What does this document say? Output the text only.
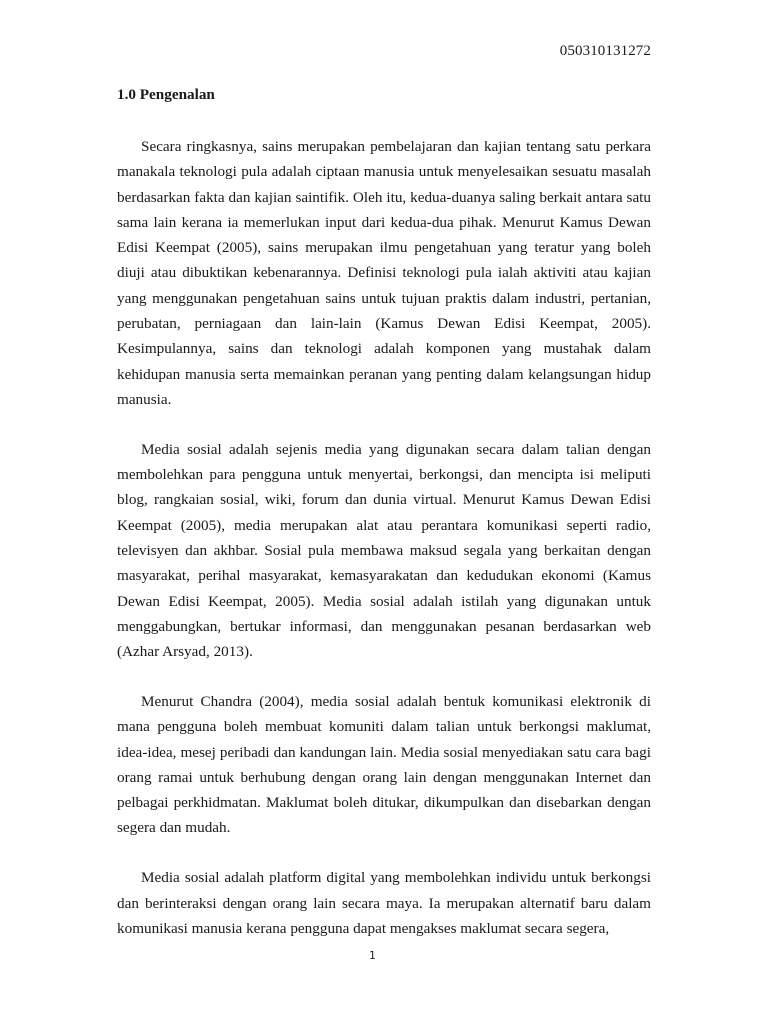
050310131272
1.0 Pengenalan

Secara ringkasnya, sains merupakan pembelajaran dan kajian tentang satu perkara manakala teknologi pula adalah ciptaan manusia untuk menyelesaikan sesuatu masalah berdasarkan fakta dan kajian saintifik. Oleh itu, kedua-duanya saling berkait antara satu sama lain kerana ia memerlukan input dari kedua-dua pihak. Menurut Kamus Dewan Edisi Keempat (2005), sains merupakan ilmu pengetahuan yang teratur yang boleh diuji atau dibuktikan kebenarannya. Definisi teknologi pula ialah aktiviti atau kajian yang menggunakan pengetahuan sains untuk tujuan praktis dalam industri, pertanian, perubatan, perniagaan dan lain-lain (Kamus Dewan Edisi Keempat, 2005). Kesimpulannya, sains dan teknologi adalah komponen yang mustahak dalam kehidupan manusia serta memainkan peranan yang penting dalam kelangsungan hidup manusia.

Media sosial adalah sejenis media yang digunakan secara dalam talian dengan membolehkan para pengguna untuk menyertai, berkongsi, dan mencipta isi meliputi blog, rangkaian sosial, wiki, forum dan dunia virtual. Menurut Kamus Dewan Edisi Keempat (2005), media merupakan alat atau perantara komunikasi seperti radio, televisyen dan akhbar. Sosial pula membawa maksud segala yang berkaitan dengan masyarakat, perihal masyarakat, kemasyarakatan dan kedudukan ekonomi (Kamus Dewan Edisi Keempat, 2005). Media sosial adalah istilah yang digunakan untuk menggabungkan, bertukar informasi, dan menggunakan pesanan berdasarkan web (Azhar Arsyad, 2013).

Menurut Chandra (2004), media sosial adalah bentuk komunikasi elektronik di mana pengguna boleh membuat komuniti dalam talian untuk berkongsi maklumat, idea-idea, mesej peribadi dan kandungan lain. Media sosial menyediakan satu cara bagi orang ramai untuk berhubung dengan orang lain dengan menggunakan Internet dan pelbagai perkhidmatan. Maklumat boleh ditukar, dikumpulkan dan disebarkan dengan segera dan mudah.

Media sosial adalah platform digital yang membolehkan individu untuk berkongsi dan berinteraksi dengan orang lain secara maya. Ia merupakan alternatif baru dalam komunikasi manusia kerana pengguna dapat mengakses maklumat secara segera,

1
